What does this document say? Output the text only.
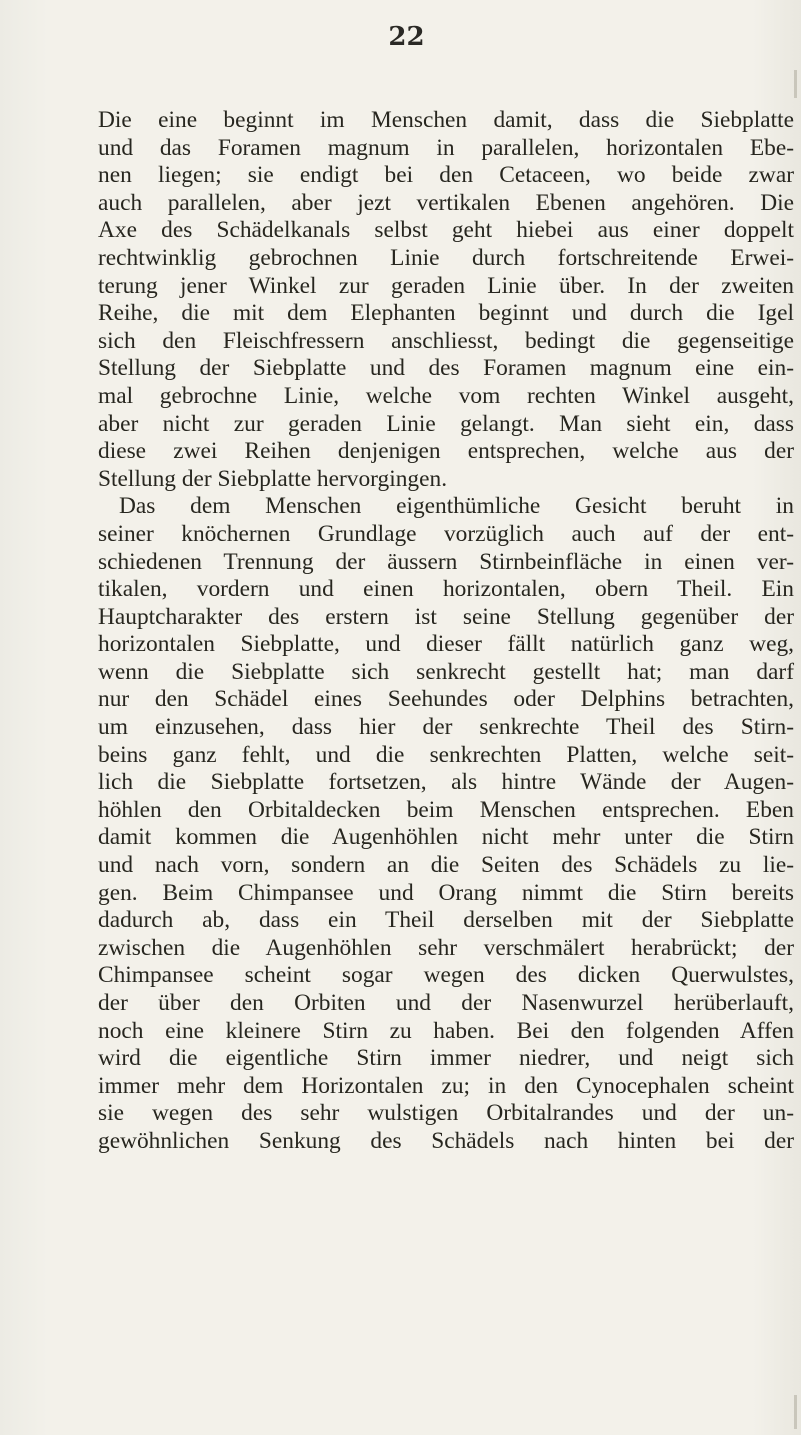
22
Die eine beginnt im Menschen damit, dass die Siebplatte
und das Foramen magnum in parallelen, horizontalen Ebe-
nen liegen; sie endigt bei den Cetaceen, wo beide zwar
auch parallelen, aber jezt vertikalen Ebenen angehören. Die
Axe des Schädelkanals selbst geht hiebei aus einer doppelt
rechtwinklig gebrochnen Linie durch fortschreitende Erwei-
terung jener Winkel zur geraden Linie über. In der zweiten
Reihe, die mit dem Elephanten beginnt und durch die Igel
sich den Fleischfressern anschliesst, bedingt die gegenseitige
Stellung der Siebplatte und des Foramen magnum eine ein-
mal gebrochne Linie, welche vom rechten Winkel ausgeht,
aber nicht zur geraden Linie gelangt. Man sieht ein, dass
diese zwei Reihen denjenigen entsprechen, welche aus der
Stellung der Siebplatte hervorgingen.
Das dem Menschen eigenthümliche Gesicht beruht in
seiner knöchernen Grundlage vorzüglich auch auf der ent-
schiedenen Trennung der äussern Stirnbeinfläche in einen ver-
tikalen, vordern und einen horizontalen, obern Theil. Ein
Hauptcharakter des erstern ist seine Stellung gegenüber der
horizontalen Siebplatte, und dieser fällt natürlich ganz weg,
wenn die Siebplatte sich senkrecht gestellt hat; man darf
nur den Schädel eines Seehundes oder Delphins betrachten,
um einzusehen, dass hier der senkrechte Theil des Stirn-
beins ganz fehlt, und die senkrechten Platten, welche seit-
lich die Siebplatte fortsetzen, als hintre Wände der Augen-
höhlen den Orbitaldecken beim Menschen entsprechen. Eben
damit kommen die Augenhöhlen nicht mehr unter die Stirn
und nach vorn, sondern an die Seiten des Schädels zu lie-
gen. Beim Chimpansee und Orang nimmt die Stirn bereits
dadurch ab, dass ein Theil derselben mit der Siebplatte
zwischen die Augenhöhlen sehr verschmälert herabrückt; der
Chimpansee scheint sogar wegen des dicken Querwulstes,
der über den Orbiten und der Nasenwurzel herüberlauft,
noch eine kleinere Stirn zu haben. Bei den folgenden Affen
wird die eigentliche Stirn immer niedrer, und neigt sich
immer mehr dem Horizontalen zu; in den Cynocephalen scheint
sie wegen des sehr wulstigen Orbitalrandes und der un-
gewöhnlichen Senkung des Schädels nach hinten bei der
